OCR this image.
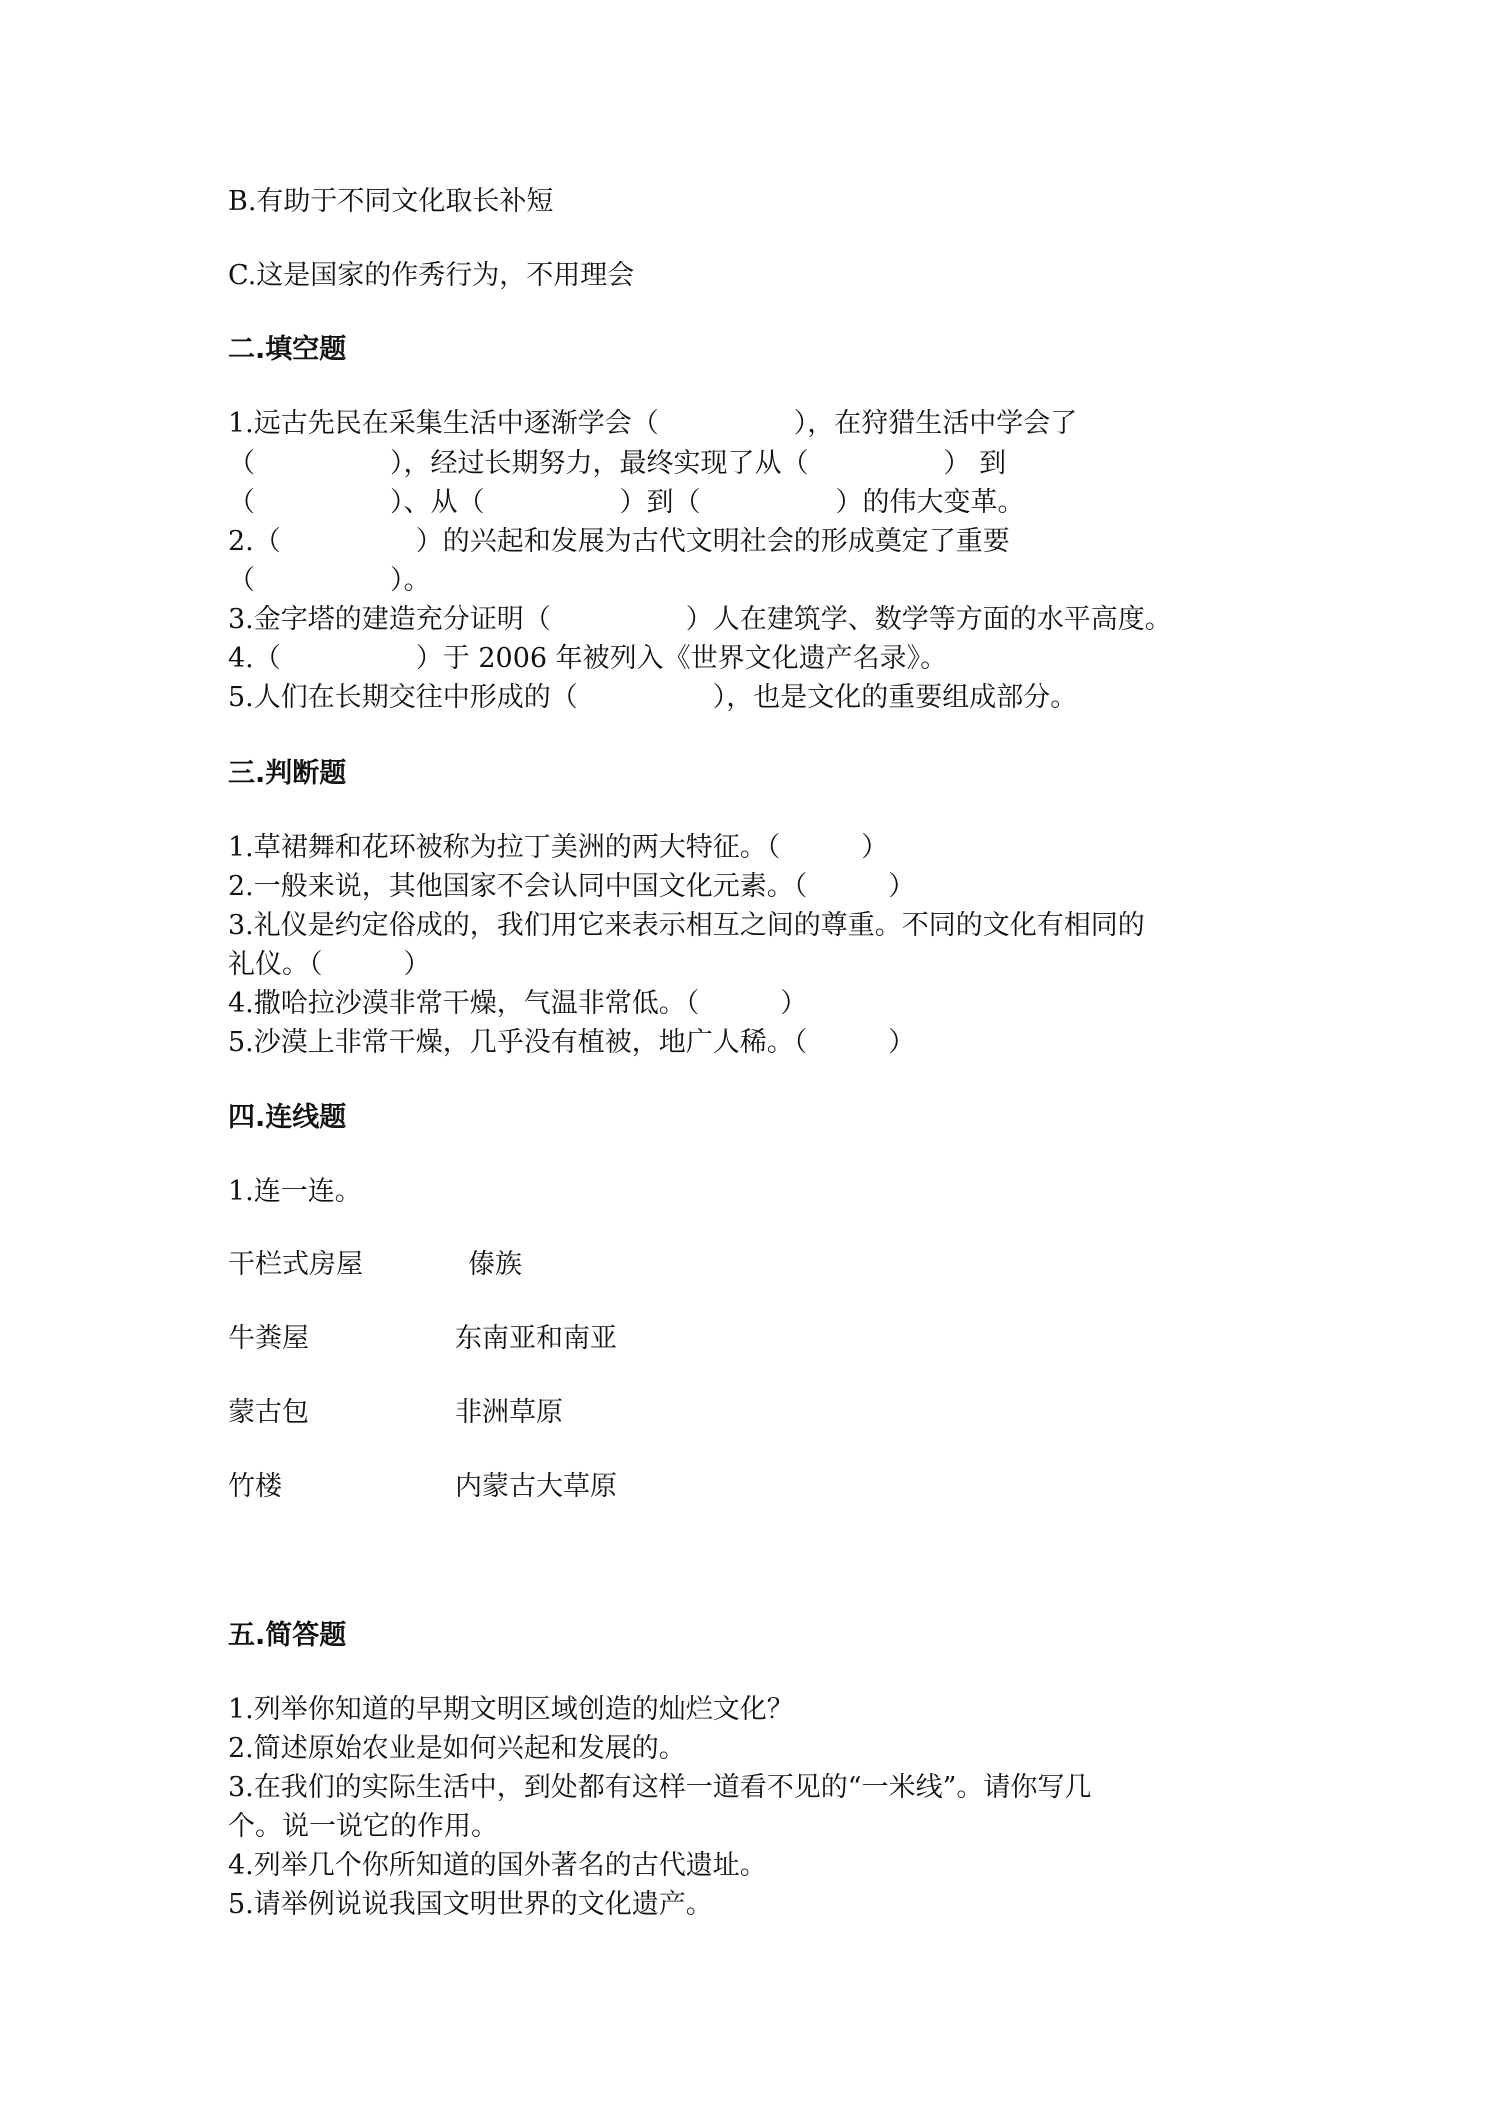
B.有助于不同文化取长补短
C.这是国家的作秀行为，不用理会
二.填空题
1.远古先民在采集生活中逐渐学会（　　　　　），在狩猎生活中学会了
（　　　　　），经过长期努力，最终实现了从（　　　　　） 到
（　　　　　）、从（　　　　　）到（　　　　　）的伟大变革。
2.（　　　　　）的兴起和发展为古代文明社会的形成奠定了重要
（　　　　　）。
3.金字塔的建造充分证明（　　　　　）人在建筑学、数学等方面的水平高度。
4.（　　　　　）于 2006 年被列入《世界文化遗产名录》。
5.人们在长期交往中形成的（　　　　　），也是文化的重要组成部分。
三.判断题
1.草裙舞和花环被称为拉丁美洲的两大特征。（　　　）
2.一般来说，其他国家不会认同中国文化元素。（　　　）
3.礼仪是约定俗成的，我们用它来表示相互之间的尊重。不同的文化有相同的
礼仪。（　　　）
4.撒哈拉沙漠非常干燥，气温非常低。（　　　）
5.沙漠上非常干燥，几乎没有植被，地广人稀。（　　　）
四.连线题
1.连一连。
干栏式房屋	傣族
牛粪屋	东南亚和南亚
蒙古包	非洲草原
竹楼	内蒙古大草原
五.简答题
1.列举你知道的早期文明区域创造的灿烂文化？
2.简述原始农业是如何兴起和发展的。
3.在我们的实际生活中，到处都有这样一道看不见的“一米线”。请你写几
个。说一说它的作用。
4.列举几个你所知道的国外著名的古代遗址。
5.请举例说说我国文明世界的文化遗产。
